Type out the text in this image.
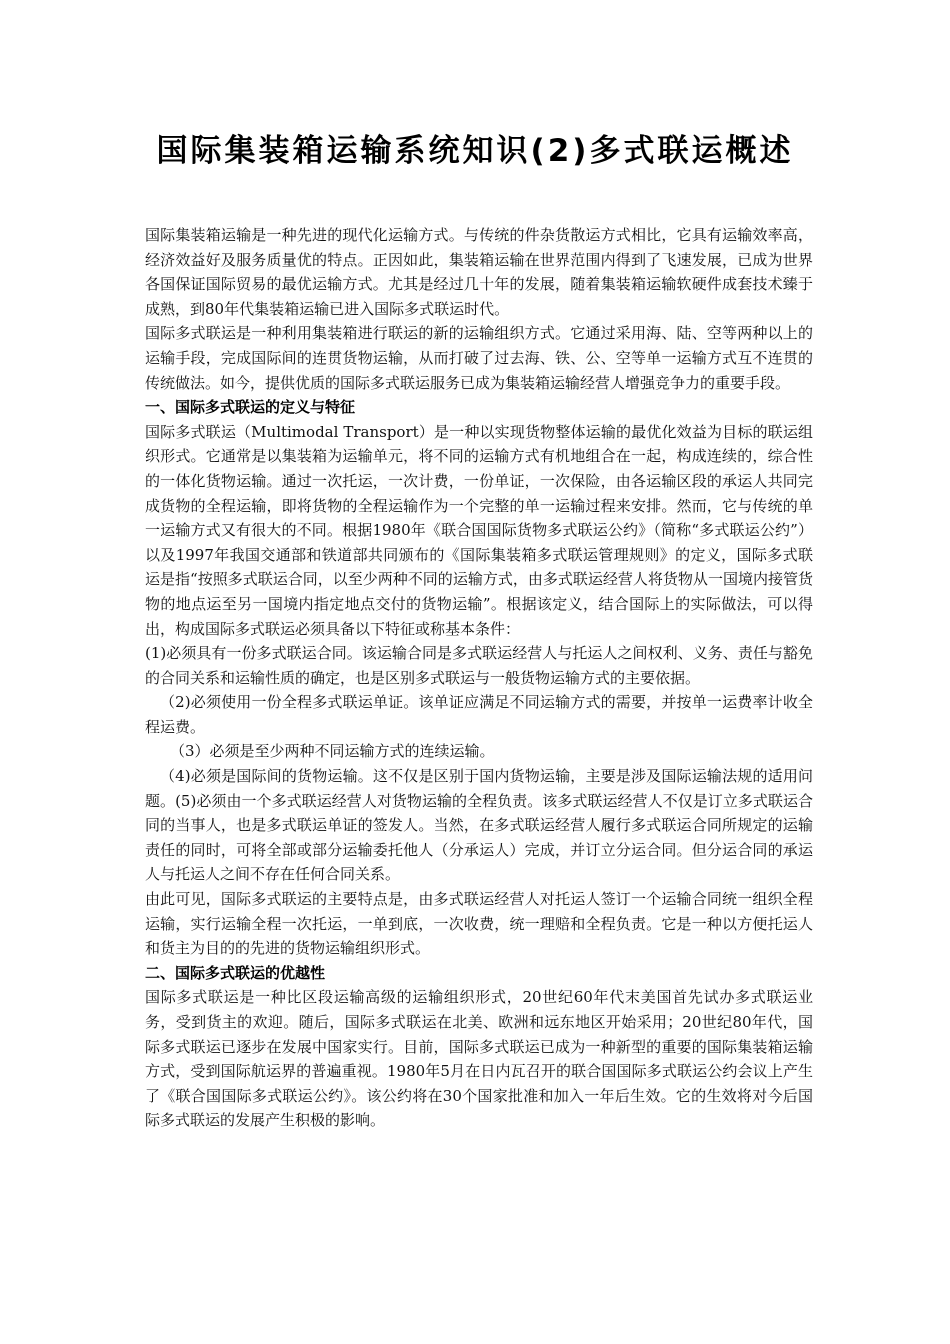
国际集装箱运输系统知识(2)多式联运概述

国际集装箱运输是一种先进的现代化运输方式。与传统的件杂货散运方式相比，它具有运输效率高，经济效益好及服务质量优的特点。正因如此，集装箱运输在世界范围内得到了飞速发展，已成为世界各国保证国际贸易的最优运输方式。尤其是经过几十年的发展，随着集装箱运输软硬件成套技术臻于成熟，到80年代集装箱运输已进入国际多式联运时代。

国际多式联运是一种利用集装箱进行联运的新的运输组织方式。它通过采用海、陆、空等两种以上的运输手段，完成国际间的连贯货物运输，从而打破了过去海、铁、公、空等单一运输方式互不连贯的传统做法。如今，提供优质的国际多式联运服务已成为集装箱运输经营人增强竞争力的重要手段。

一、国际多式联运的定义与特征

国际多式联运（Multimodal Transport）是一种以实现货物整体运输的最优化效益为目标的联运组织形式。它通常是以集装箱为运输单元，将不同的运输方式有机地组合在一起，构成连续的，综合性的一体化货物运输。通过一次托运，一次计费，一份单证，一次保险，由各运输区段的承运人共同完成货物的全程运输，即将货物的全程运输作为一个完整的单一运输过程来安排。然而，它与传统的单一运输方式又有很大的不同。根据1980年《联合国国际货物多式联运公约》（简称“多式联运公约”）以及1997年我国交通部和铁道部共同颁布的《国际集装箱多式联运管理规则》的定义，国际多式联运是指“按照多式联运合同，以至少两种不同的运输方式，由多式联运经营人将货物从一国境内接管货物的地点运至另一国境内指定地点交付的货物运输”。根据该定义，结合国际上的实际做法，可以得出，构成国际多式联运必须具备以下特征或称基本条件：

(1)必须具有一份多式联运合同。该运输合同是多式联运经营人与托运人之间权利、义务、责任与豁免的合同关系和运输性质的确定，也是区别多式联运与一般货物运输方式的主要依据。

（2)必须使用一份全程多式联运单证。该单证应满足不同运输方式的需要，并按单一运费率计收全程运费。

（3）必须是至少两种不同运输方式的连续运输。

（4)必须是国际间的货物运输。这不仅是区别于国内货物运输，主要是涉及国际运输法规的适用问题。(5)必须由一个多式联运经营人对货物运输的全程负责。该多式联运经营人不仅是订立多式联运合同的当事人，也是多式联运单证的签发人。当然，在多式联运经营人履行多式联运合同所规定的运输责任的同时，可将全部或部分运输委托他人（分承运人）完成，并订立分运合同。但分运合同的承运人与托运人之间不存在任何合同关系。

由此可见，国际多式联运的主要特点是，由多式联运经营人对托运人签订一个运输合同统一组织全程运输，实行运输全程一次托运，一单到底，一次收费，统一理赔和全程负责。它是一种以方便托运人和货主为目的的先进的货物运输组织形式。

二、国际多式联运的优越性

国际多式联运是一种比区段运输高级的运输组织形式，20世纪60年代末美国首先试办多式联运业务，受到货主的欢迎。随后，国际多式联运在北美、欧洲和远东地区开始采用；20世纪80年代，国际多式联运已逐步在发展中国家实行。目前，国际多式联运已成为一种新型的重要的国际集装箱运输方式，受到国际航运界的普遍重视。1980年5月在日内瓦召开的联合国国际多式联运公约会议上产生了《联合国国际多式联运公约》。该公约将在30个国家批准和加入一年后生效。它的生效将对今后国际多式联运的发展产生积极的影响。
